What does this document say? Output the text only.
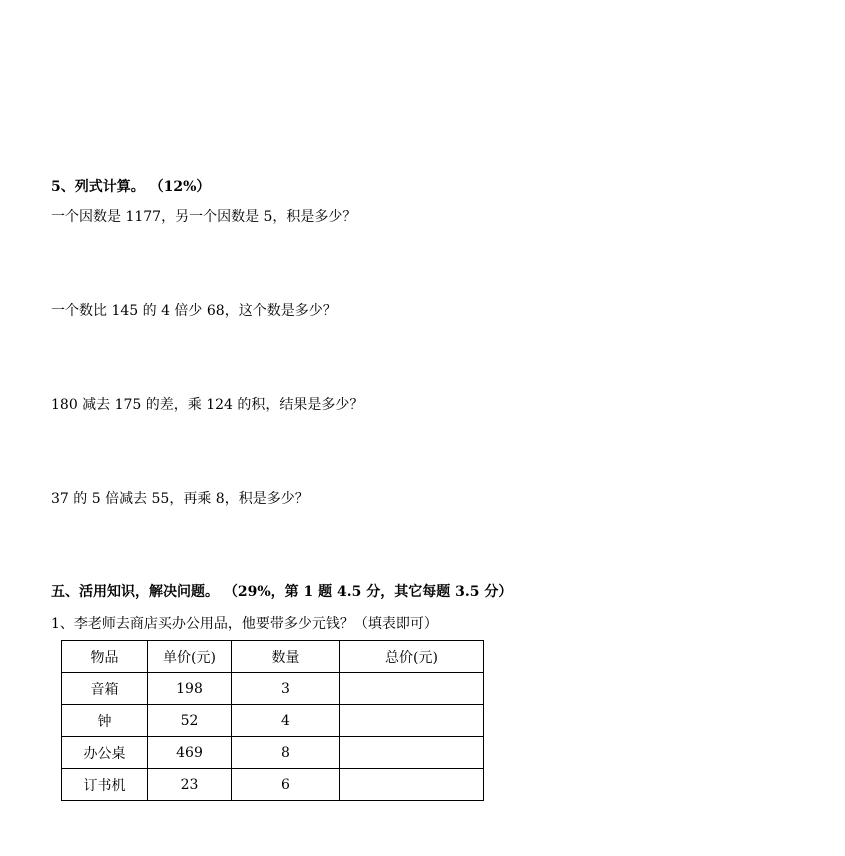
5、列式计算。 （12%）
一个因数是 1177，另一个因数是 5，积是多少？
一个数比 145 的 4 倍少 68，这个数是多少？
180 减去 175 的差，乘 124 的积，结果是多少？
37 的 5 倍减去 55，再乘 8，积是多少？
五、活用知识，解决问题。 （29%，第 1 题 4.5 分，其它每题 3.5 分）
1、李老师去商店买办公用品，他要带多少元钱？（填表即可）
物品	单价(元)	数量	总价(元)
音箱	198	3	
钟	52	4	
办公桌	469	8	
订书机	23	6	
